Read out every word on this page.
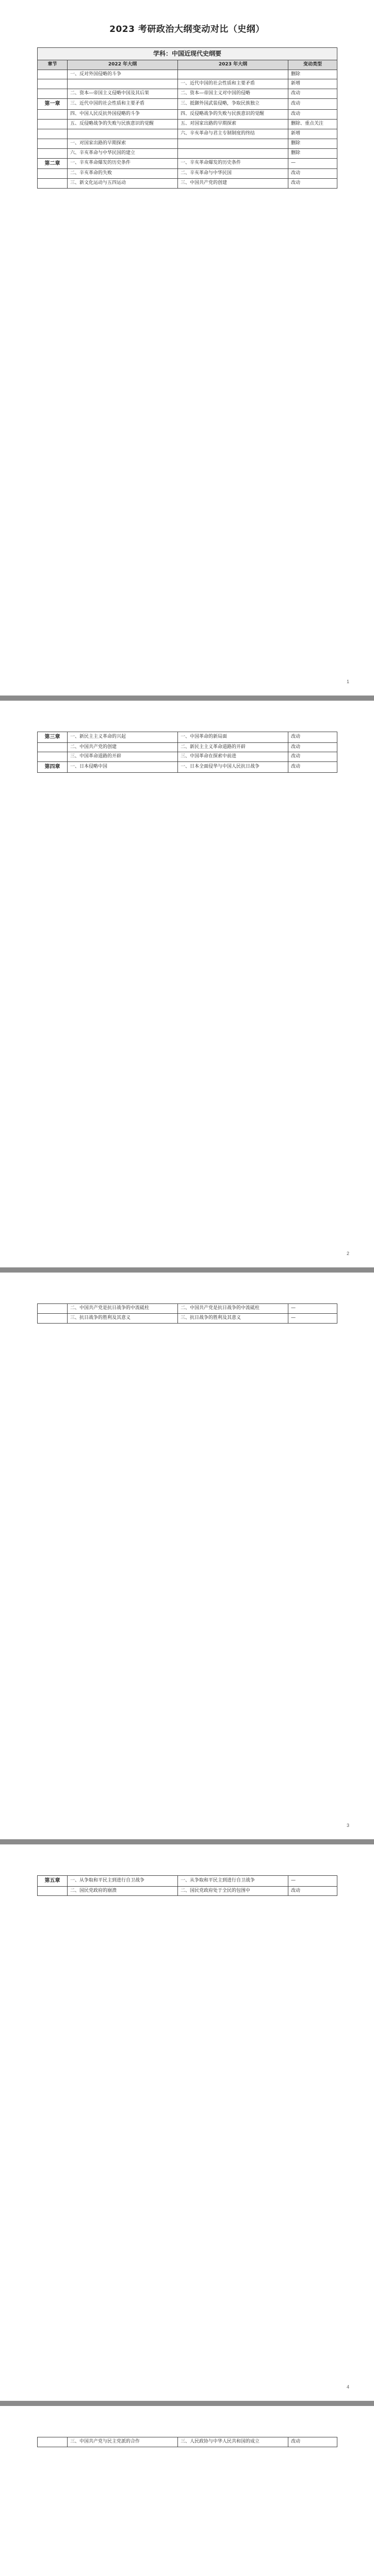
2023 考研政治大纲变动对比（史纲）
学科：中国近现代史纲要			
章节	2022 年大纲	2023 年大纲	变动类型
	一、反对外国侵略的斗争		删除
		一、近代中国的社会性质和主要矛盾	新增
	二、资本—帝国主义侵略中国及其后果	二、资本—帝国主义对中国的侵略	改动
第一章	三、近代中国的社会性质和主要矛盾	三、抵御外国武装侵略，争取民族独立	改动
	四、中国人民反抗外国侵略的斗争	四、反侵略战争的失败与民族意识的觉醒	改动
	五、反侵略战争的失败与民族意识的觉醒	五、对国家出路的早期探索	删除、重点关注
		六、辛亥革命与君主专制制度的终结	新增
	一、对国家出路的早期探索		删除
	六、辛亥革命与中华民国的建立		删除
第二章	一、辛亥革命爆发的历史条件	一、辛亥革命爆发的历史条件	—
	二、辛亥革命的失败	二、辛亥革命与中华民国	改动
	三、新文化运动与五四运动	三、中国共产党的创建	改动
1
第三章	一、新民主主义革命的兴起	一、中国革命的新局面	改动
	二、中国共产党的创建	二、新民主主义革命道路的开辟	改动
	三、中国革命道路的开辟	三、中国革命在探索中前进	改动
第四章	一、日本侵略中国	一、日本全面侵华与中国人民抗日战争	改动
2
	二、中国共产党是抗日战争的中流砥柱	二、中国共产党是抗日战争的中流砥柱	—
	三、抗日战争的胜利及其意义	三、抗日战争的胜利及其意义	—
3
第五章	一、从争取和平民主到进行自卫战争	一、从争取和平民主到进行自卫战争	—
	二、国民党政府的崩溃	二、国民党政府处于全民的包围中	改动
4
	三、中国共产党与民主党派的合作	三、人民政协与中华人民共和国的成立	改动
